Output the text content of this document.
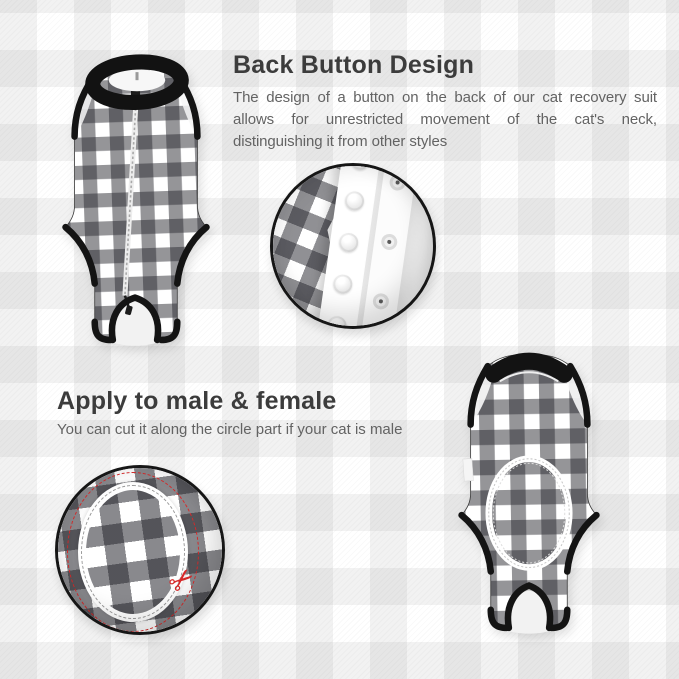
Back Button Design
The design of a button on the back of our cat recovery suit allows for unrestricted movement of the cat's neck, distinguishing it from other styles
Apply to male & female
You can cut it along the circle part if your cat is male
✂
